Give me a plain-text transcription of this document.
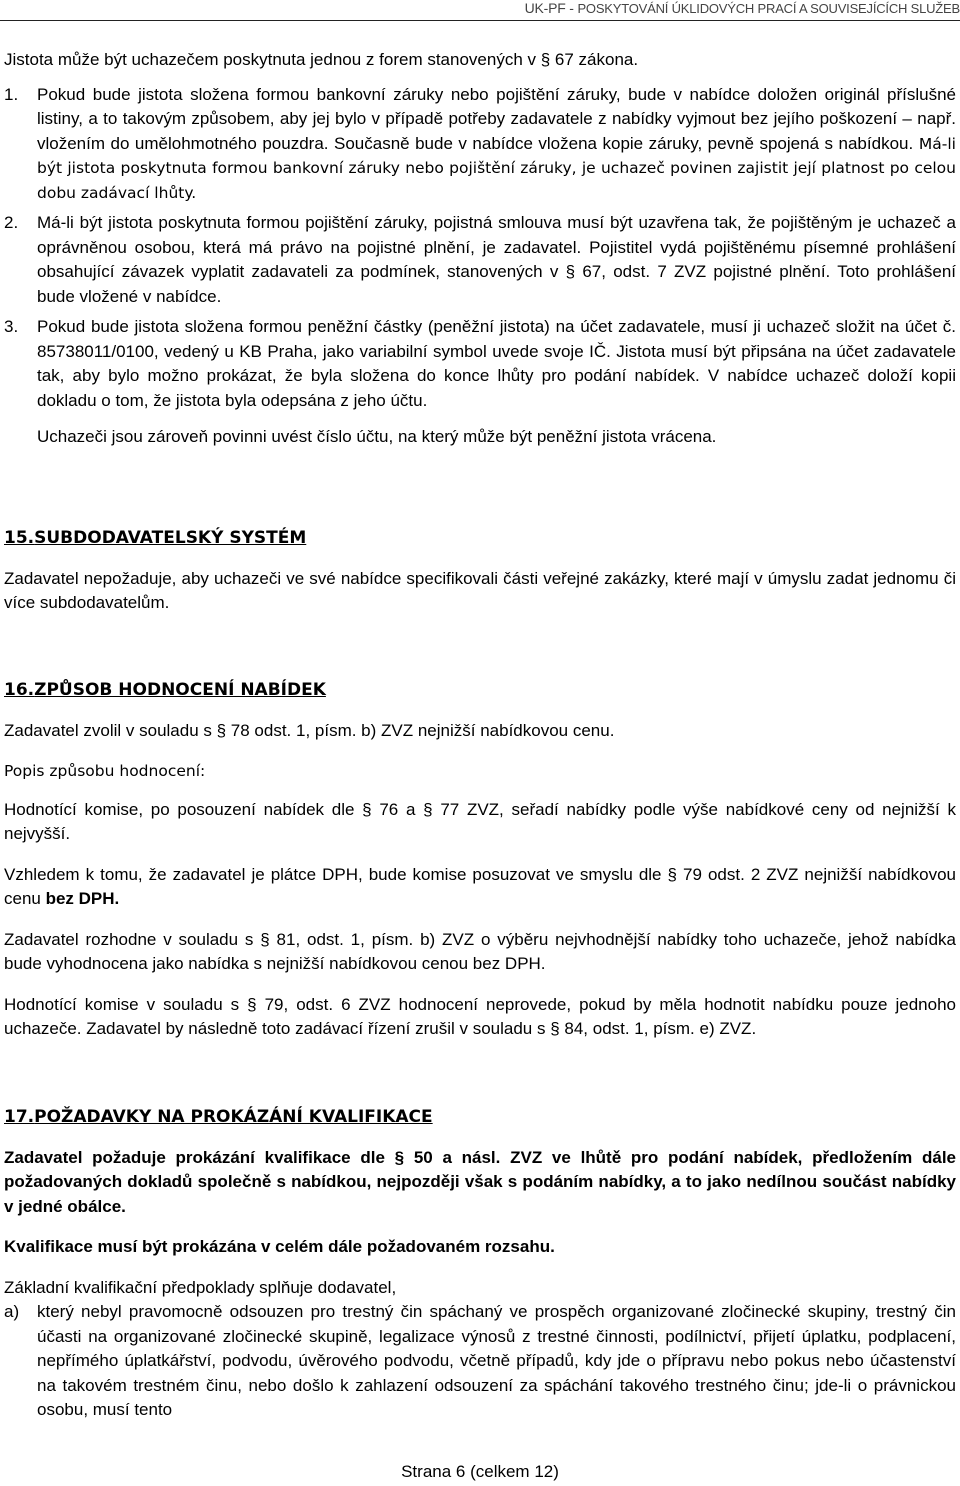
UK-PF - POSKYTOVÁNÍ ÚKLIDOVÝCH PRACÍ A SOUVISEJÍCÍCH SLUŽEB

Jistota může být uchazečem poskytnuta jednou z forem stanovených v § 67 zákona.

1. Pokud bude jistota složena formou bankovní záruky nebo pojištění záruky, bude v nabídce doložen originál příslušné listiny, a to takovým způsobem, aby jej bylo v případě potřeby zadavatele z nabídky vyjmout bez jejího poškození – např. vložením do umělohmotného pouzdra. Současně bude v nabídce vložena kopie záruky, pevně spojená s nabídkou. Má-li být jistota poskytnuta formou bankovní záruky nebo pojištění záruky, je uchazeč povinen zajistit její platnost po celou dobu zadávací lhůty.
2. Má-li být jistota poskytnuta formou pojištění záruky, pojistná smlouva musí být uzavřena tak, že pojištěným je uchazeč a oprávněnou osobou, která má právo na pojistné plnění, je zadavatel. Pojistitel vydá pojištěnému písemné prohlášení obsahující závazek vyplatit zadavateli za podmínek, stanovených v § 67, odst. 7 ZVZ pojistné plnění. Toto prohlášení bude vložené v nabídce.
3. Pokud bude jistota složena formou peněžní částky (peněžní jistota) na účet zadavatele, musí ji uchazeč složit na účet č. 85738011/0100, vedený u KB Praha, jako variabilní symbol uvede svoje IČ. Jistota musí být připsána na účet zadavatele tak, aby bylo možno prokázat, že byla složena do konce lhůty pro podání nabídek. V nabídce uchazeč doloží kopii dokladu o tom, že jistota byla odepsána z jeho účtu.

Uchazeči jsou zároveň povinni uvést číslo účtu, na který může být peněžní jistota vrácena.

15.SUBDODAVATELSKÝ SYSTÉM

Zadavatel nepožaduje, aby uchazeči ve své nabídce specifikovali části veřejné zakázky, které mají v úmyslu zadat jednomu či více subdodavatelům.

16.ZPŮSOB HODNOCENÍ NABÍDEK

Zadavatel zvolil v souladu s § 78 odst. 1, písm. b) ZVZ nejnižší nabídkovou cenu.

Popis způsobu hodnocení:

Hodnotící komise, po posouzení nabídek dle § 76 a § 77 ZVZ, seřadí nabídky podle výše nabídkové ceny od nejnižší k nejvyšší.

Vzhledem k tomu, že zadavatel je plátce DPH, bude komise posuzovat ve smyslu dle § 79 odst. 2 ZVZ nejnižší nabídkovou cenu bez DPH.

Zadavatel rozhodne v souladu s § 81, odst. 1, písm. b) ZVZ o výběru nejvhodnější nabídky toho uchazeče, jehož nabídka bude vyhodnocena jako nabídka s nejnižší nabídkovou cenou bez DPH.

Hodnotící komise v souladu s § 79, odst. 6 ZVZ hodnocení neprovede, pokud by měla hodnotit nabídku pouze jednoho uchazeče. Zadavatel by následně toto zadávací řízení zrušil v souladu s § 84, odst. 1, písm. e) ZVZ.

17.POŽADAVKY NA PROKÁZÁNÍ KVALIFIKACE

Zadavatel požaduje prokázání kvalifikace dle § 50 a násl. ZVZ ve lhůtě pro podání nabídek, předložením dále požadovaných dokladů společně s nabídkou, nejpozději však s podáním nabídky, a to jako nedílnou součást nabídky v jedné obálce.

Kvalifikace musí být prokázána v celém dále požadovaném rozsahu.

Základní kvalifikační předpoklady splňuje dodavatel,

a) který nebyl pravomocně odsouzen pro trestný čin spáchaný ve prospěch organizované zločinecké skupiny, trestný čin účasti na organizované zločinecké skupině, legalizace výnosů z trestné činnosti, podílnictví, přijetí úplatku, podplacení, nepřímého úplatkářství, podvodu, úvěrového podvodu, včetně případů, kdy jde o přípravu nebo pokus nebo účastenství na takovém trestném činu, nebo došlo k zahlazení odsouzení za spáchání takového trestného činu; jde-li o právnickou osobu, musí tento
Strana 6 (celkem 12)
